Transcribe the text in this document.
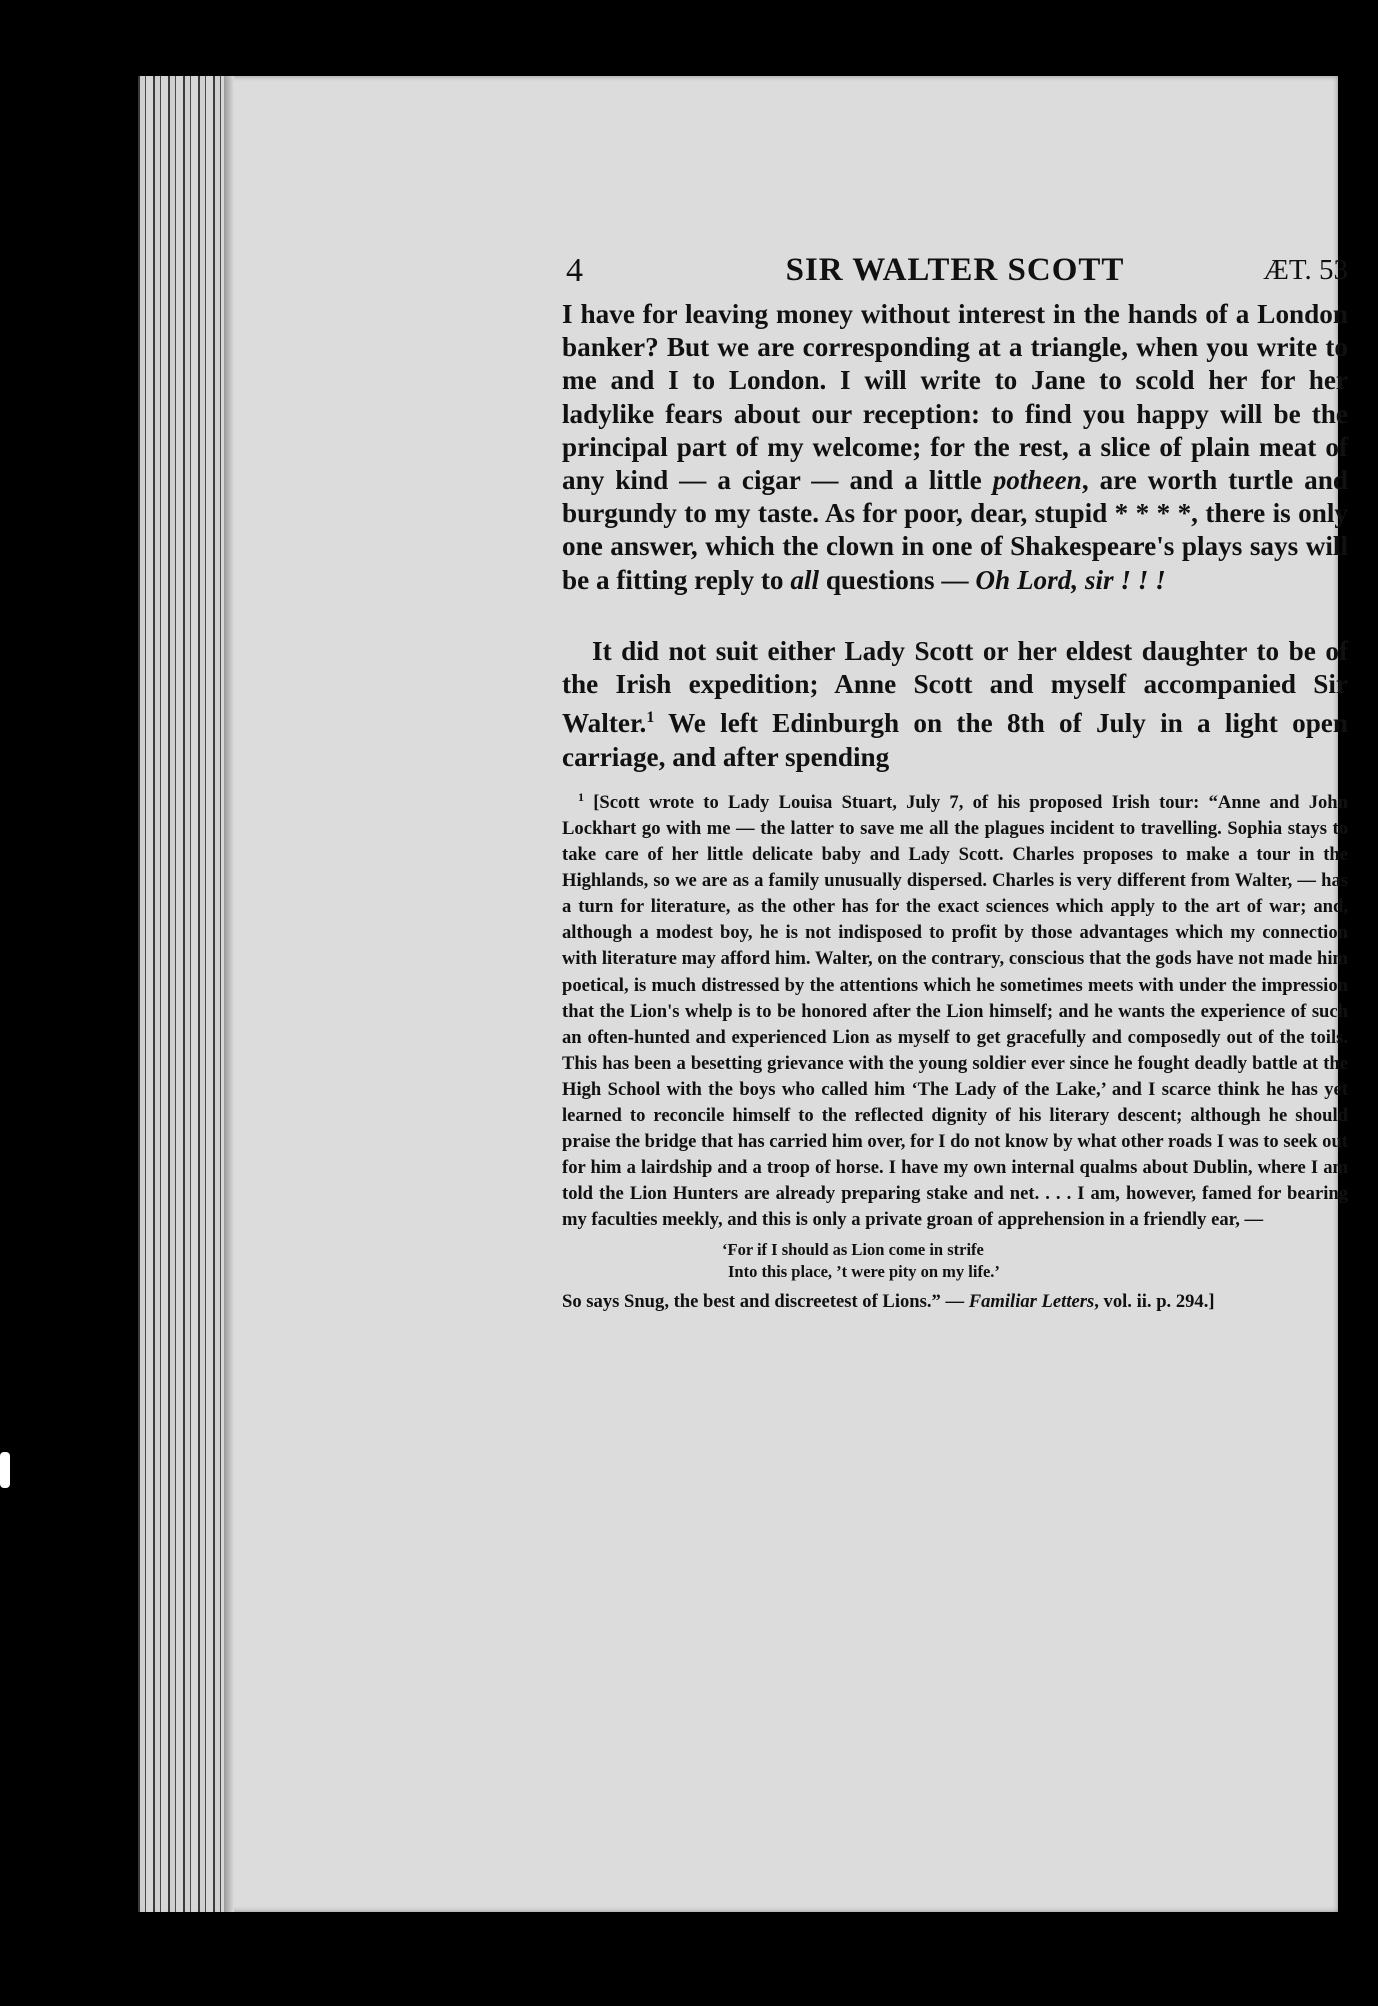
4	SIR WALTER SCOTT	ÆT. 53

I have for leaving money without interest in the hands of a London banker? But we are corresponding at a triangle, when you write to me and I to London. I will write to Jane to scold her for her ladylike fears about our reception: to find you happy will be the principal part of my welcome; for the rest, a slice of plain meat of any kind — a cigar — and a little potheen, are worth turtle and burgundy to my taste. As for poor, dear, stupid * * * *, there is only one answer, which the clown in one of Shakespeare's plays says will be a fitting reply to all questions — Oh Lord, sir ! ! !

It did not suit either Lady Scott or her eldest daughter to be of the Irish expedition; Anne Scott and myself accompanied Sir Walter.$^1$ We left Edinburgh on the 8th of July in a light open carriage, and after spending

$^1$ [Scott wrote to Lady Louisa Stuart, July 7, of his proposed Irish tour: “Anne and John Lockhart go with me — the latter to save me all the plagues incident to travelling. Sophia stays to take care of her little delicate baby and Lady Scott. Charles proposes to make a tour in the Highlands, so we are as a family unusually dispersed. Charles is very different from Walter, — has a turn for literature, as the other has for the exact sciences which apply to the art of war; and, although a modest boy, he is not indisposed to profit by those advantages which my connection with literature may afford him. Walter, on the contrary, conscious that the gods have not made him poetical, is much distressed by the attentions which he sometimes meets with under the impression that the Lion's whelp is to be honored after the Lion himself; and he wants the experience of such an often-hunted and experienced Lion as myself to get gracefully and composedly out of the toils. This has been a besetting grievance with the young soldier ever since he fought deadly battle at the High School with the boys who called him ‘The Lady of the Lake,’ and I scarce think he has yet learned to reconcile himself to the reflected dignity of his literary descent; although he should praise the bridge that has carried him over, for I do not know by what other roads I was to seek out for him a lairdship and a troop of horse. I have my own internal qualms about Dublin, where I am told the Lion Hunters are already preparing stake and net. . . . I am, however, famed for bearing my faculties meekly, and this is only a private groan of apprehension in a friendly ear, —

‘For if I should as Lion come in strife
Into this place, ’t were pity on my life.’

So says Snug, the best and discreetest of Lions.” — Familiar Letters, vol. ii. p. 294.]
